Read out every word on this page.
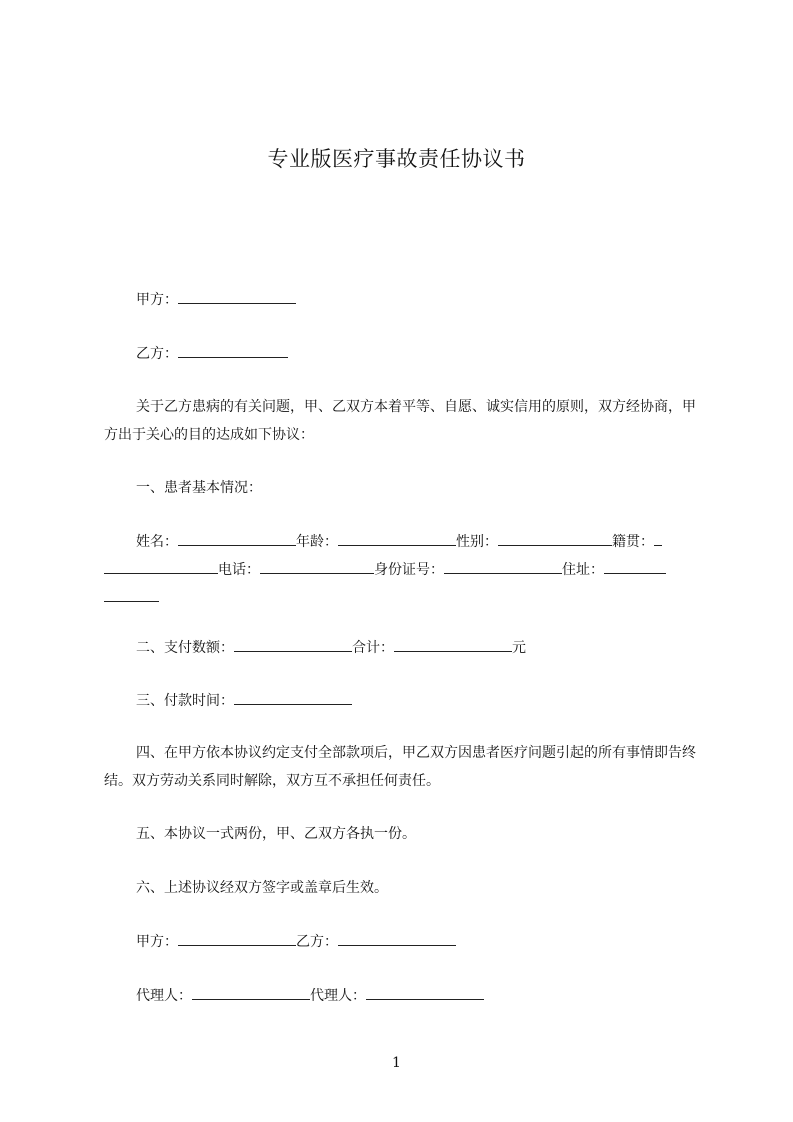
专业版医疗事故责任协议书
甲方：
乙方：
关于乙方患病的有关问题，甲、乙双方本着平等、自愿、诚实信用的原则，双方经协商，甲方出于关心的目的达成如下协议：
一、患者基本情况：
姓名：	年龄：	性别：	籍贯：
电话：	身份证号：	住址：
二、支付数额：	合计：	元
三、付款时间：
四、在甲方依本协议约定支付全部款项后，甲乙双方因患者医疗问题引起的所有事情即告终结。双方劳动关系同时解除，双方互不承担任何责任。
五、本协议一式两份，甲、乙双方各执一份。
六、上述协议经双方签字或盖章后生效。
甲方：	乙方：
代理人：	代理人：
1
